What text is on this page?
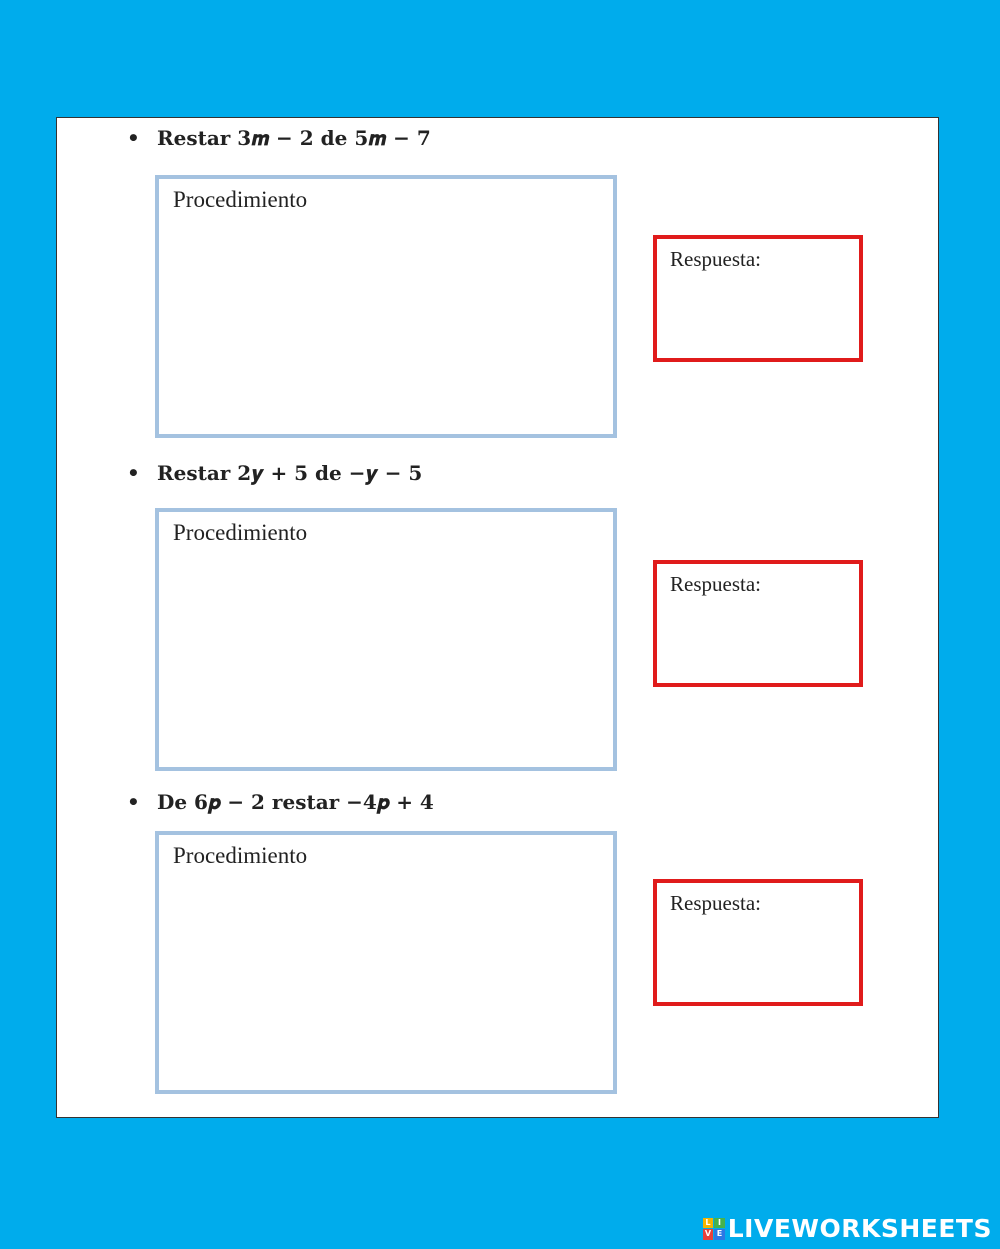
• Restar 3𝒎 − 2 de 5𝒎 − 7
Procedimiento
Respuesta:
• Restar 2𝒚 + 5 de −𝒚 − 5
Procedimiento
Respuesta:
• De 6𝒑 − 2 restar −4𝒑 + 4
Procedimiento
Respuesta:
L I
V E LIVEWORKSHEETS
